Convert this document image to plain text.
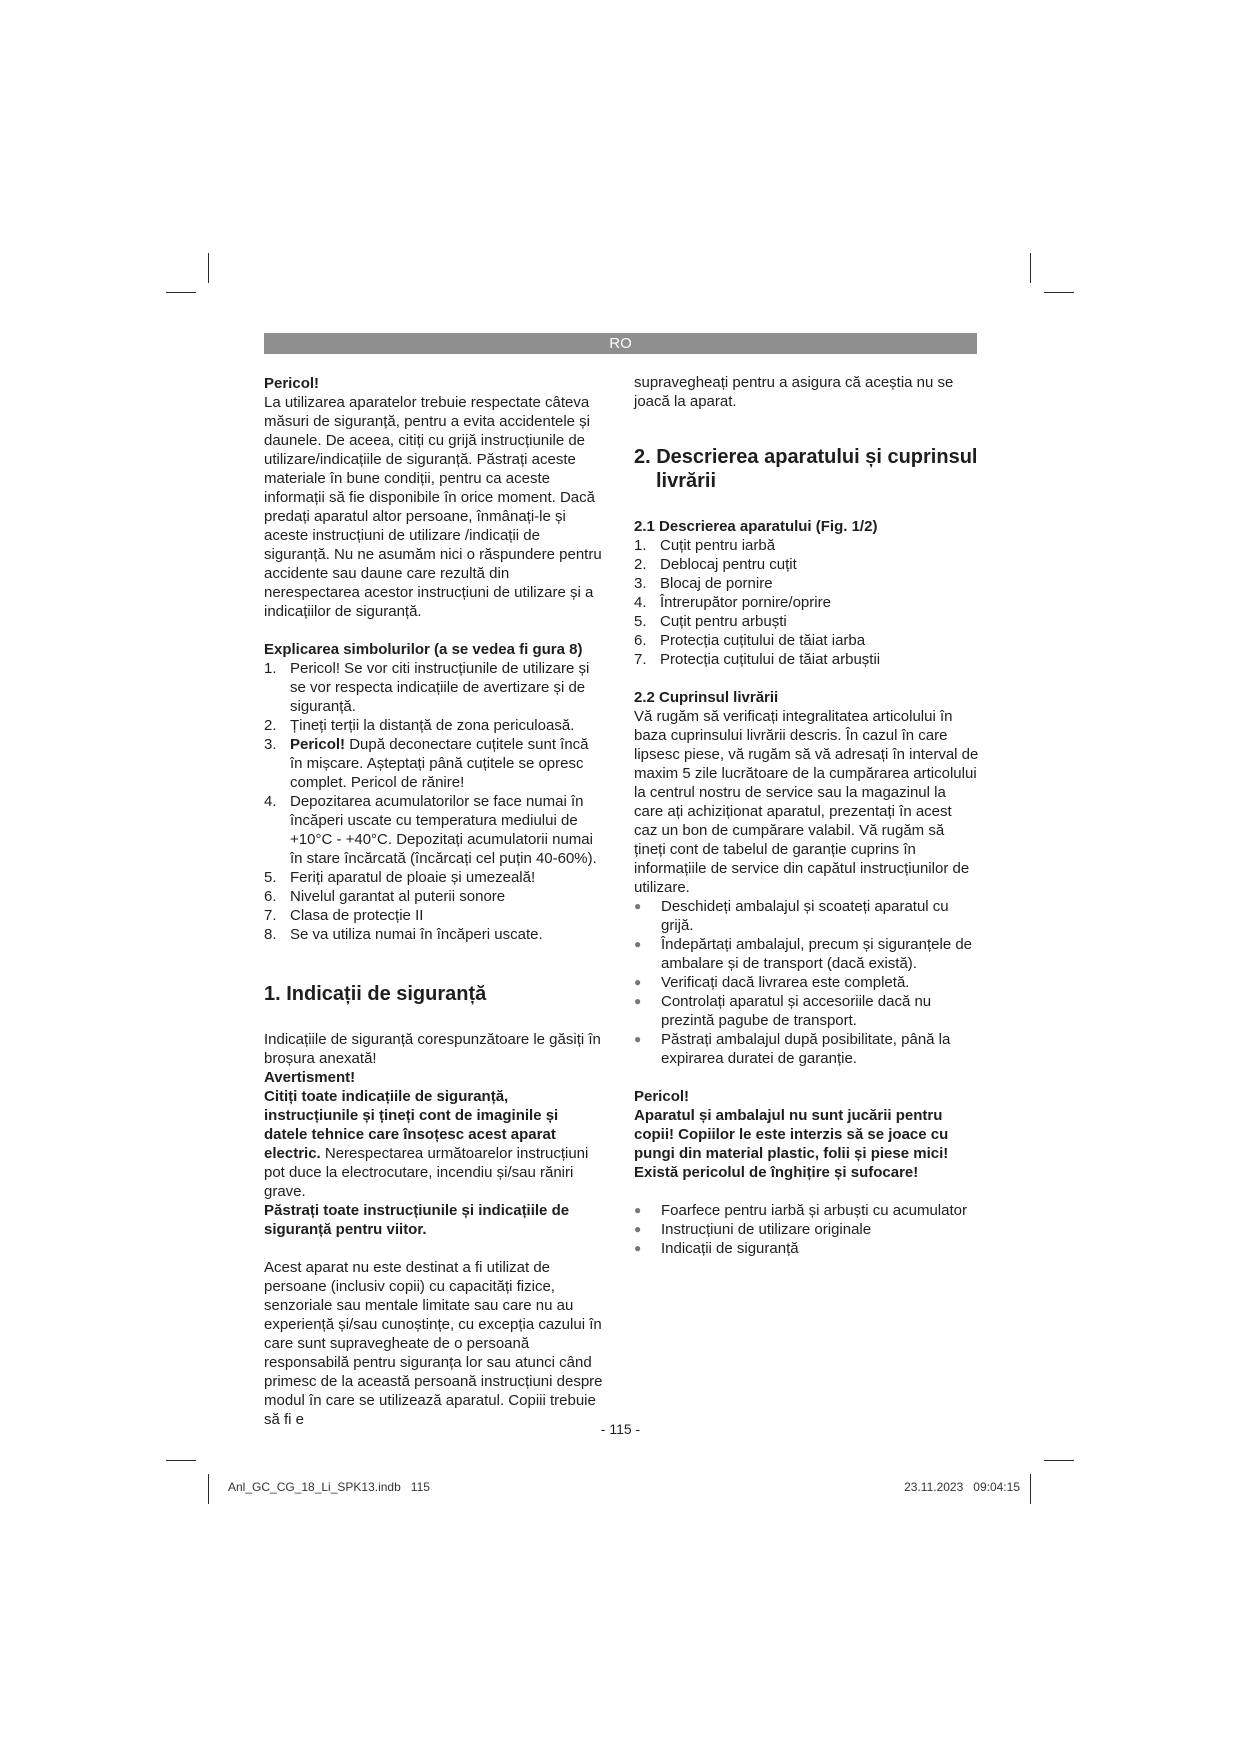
RO

Pericol!

La utilizarea aparatelor trebuie respectate câteva măsuri de siguranță, pentru a evita accidentele și daunele. De aceea, citiți cu grijă instrucțiunile de utilizare/indicațiile de siguranță. Păstrați aceste materiale în bune condiții, pentru ca aceste informații să fie disponibile în orice moment. Dacă predați aparatul altor persoane, înmânați-le și aceste instrucțiuni de utilizare /indicații de siguranță. Nu ne asumăm nici o răspundere pentru accidente sau daune care rezultă din nerespectarea acestor instrucțiuni de utilizare și a indicațiilor de siguranță.

Explicarea simbolurilor (a se vedea fi gura 8)

1. Pericol! Se vor citi instrucțiunile de utilizare și se vor respecta indicațiile de avertizare și de siguranță.
2. Țineți terții la distanță de zona periculoasă.
3. Pericol! După deconectare cuțitele sunt încă în mișcare. Așteptați până cuțitele se opresc complet. Pericol de rănire!
4. Depozitarea acumulatorilor se face numai în încăperi uscate cu temperatura mediului de +10°C - +40°C. Depozitați acumulatorii numai în stare încărcată (încărcați cel puțin 40-60%).
5. Feriți aparatul de ploaie și umezeală!
6. Nivelul garantat al puterii sonore
7. Clasa de protecție II
8. Se va utiliza numai în încăperi uscate.

1. Indicații de siguranță

Indicațiile de siguranță corespunzătoare le găsiți în broșura anexată!

Avertisment!

Citiți toate indicațiile de siguranță, instrucțiunile și țineți cont de imaginile și datele tehnice care însoțesc acest aparat electric. Nerespectarea următoarelor instrucțiuni pot duce la electrocutare, incendiu și/sau răniri grave.

Păstrați toate instrucțiunile și indicațiile de siguranță pentru viitor.

Acest aparat nu este destinat a fi utilizat de persoane (inclusiv copii) cu capacități fizice, senzoriale sau mentale limitate sau care nu au experiență și/sau cunoștințe, cu excepția cazului în care sunt supravegheate de o persoană responsabilă pentru siguranța lor sau atunci când primesc de la această persoană instrucțiuni despre modul în care se utilizează aparatul. Copiii trebuie să fi e

supravegheați pentru a asigura că aceștia nu se joacă la aparat.

2. Descrierea aparatului și cuprinsul
livrării

2.1 Descrierea aparatului (Fig. 1/2)

1. Cuțit pentru iarbă
2. Deblocaj pentru cuțit
3. Blocaj de pornire
4. Întrerupător pornire/oprire
5. Cuțit pentru arbuști
6. Protecția cuțitului de tăiat iarba
7. Protecția cuțitului de tăiat arbuștii

2.2 Cuprinsul livrării

Vă rugăm să verificați integralitatea articolului în baza cuprinsului livrării descris. În cazul în care lipsesc piese, vă rugăm să vă adresați în interval de maxim 5 zile lucrătoare de la cumpărarea articolului la centrul nostru de service sau la magazinul la care ați achiziționat aparatul, prezentați în acest caz un bon de cumpărare valabil. Vă rugăm să țineți cont de tabelul de garanție cuprins în informațiile de service din capătul instrucțiunilor de utilizare.

●	Deschideți ambalajul și scoateți aparatul cu grijă.
●	Îndepărtați ambalajul, precum și siguranțele de ambalare și de transport (dacă există).
●	Verificați dacă livrarea este completă.
●	Controlați aparatul și accesoriile dacă nu prezintă pagube de transport.
●	Păstrați ambalajul după posibilitate, până la expirarea duratei de garanție.

Pericol!

Aparatul și ambalajul nu sunt jucării pentru copii! Copiilor le este interzis să se joace cu pungi din material plastic, folii și piese mici! Există pericolul de înghițire și sufocare!

●	Foarfece pentru iarbă și arbuști cu acumulator
●	Instrucțiuni de utilizare originale
●	Indicații de siguranță
- 115 -
Anl_GC_CG_18_Li_SPK13.indb   115	23.11.2023   09:04:15
